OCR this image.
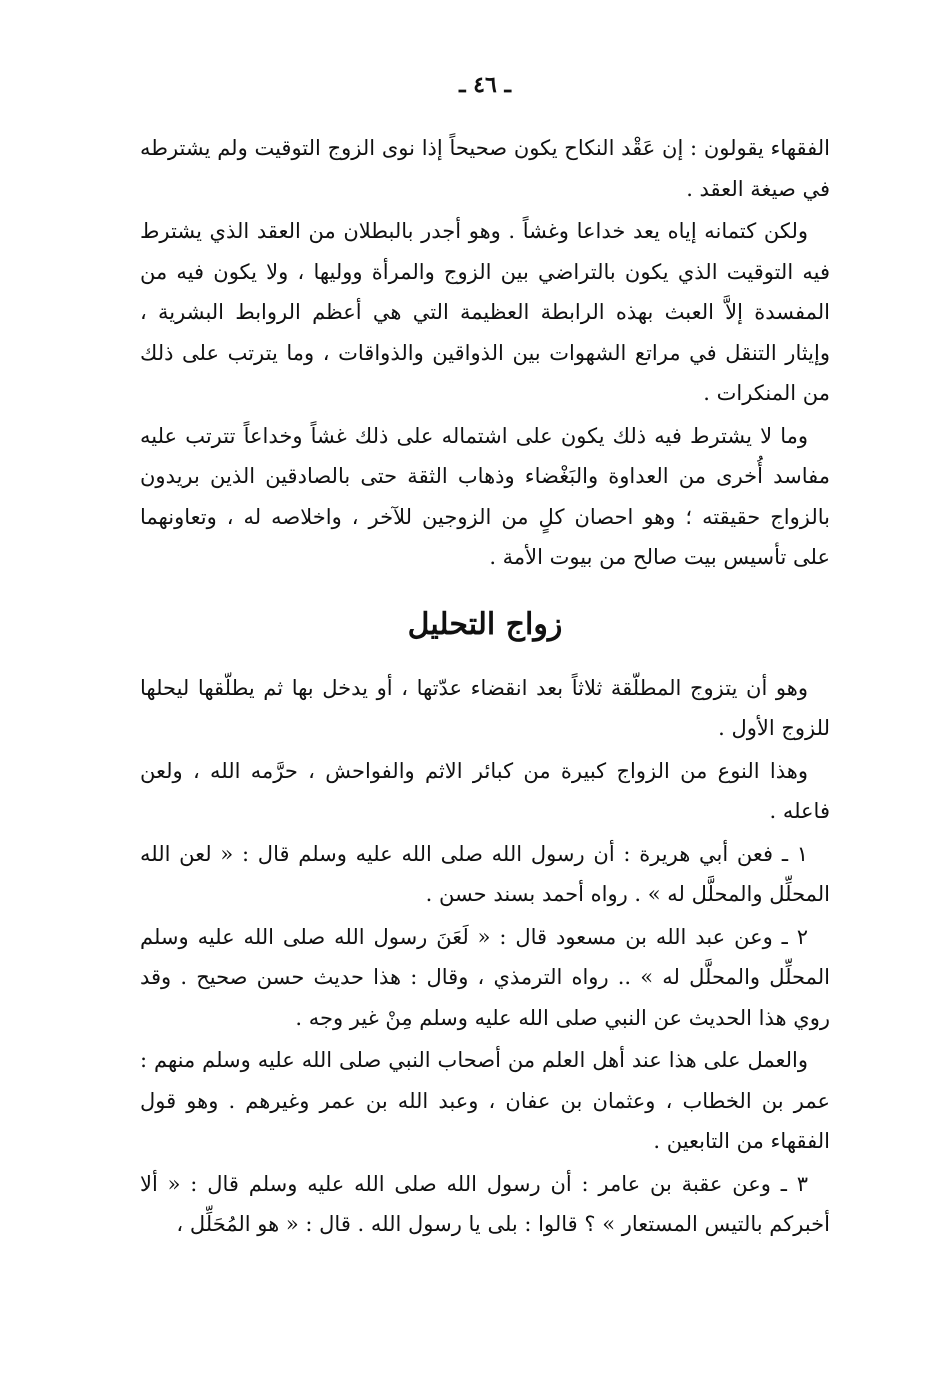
ـ ٤٦ ـ

الفقهاء يقولون : إن عَقْد النكاح يكون صحيحاً إذا نوى الزوج التوقيت ولم يشترطه في صيغة العقد .

ولكن كتمانه إياه يعد خداعا وغشاً . وهو أجدر بالبطلان من العقد الذي يشترط فيه التوقيت الذي يكون بالتراضي بين الزوج والمرأة ووليها ، ولا يكون فيه من المفسدة إلاَّ العبث بهذه الرابطة العظيمة التي هي أعظم الروابط البشرية ، وإيثار التنقل في مراتع الشهوات بين الذواقين والذواقات ، وما يترتب على ذلك من المنكرات .

وما لا يشترط فيه ذلك يكون على اشتماله على ذلك غشاً وخداعاً تترتب عليه مفاسد أُخرى من العداوة والبَغْضاء وذهاب الثقة حتى بالصادقين الذين بريدون بالزواج حقيقته ؛ وهو احصان كلٍ من الزوجين للآخر ، واخلاصه له ، وتعاونهما على تأسيس بيت صالح من بيوت الأمة .

زواج التحليل

وهو أن يتزوج المطلّقة ثلاثاً بعد انقضاء عدّتها ، أو يدخل بها ثم يطلّقها ليحلها للزوج الأول .

وهذا النوع من الزواج كبيرة من كبائر الاثم والفواحش ، حرَّمه الله ، ولعن فاعله .

١ ـ فعن أبي هريرة : أن رسول الله صلى الله عليه وسلم قال : « لعن الله المحلِّل والمحلَّل له » . رواه أحمد بسند حسن .

٢ ـ وعن عبد الله بن مسعود قال : « لَعَنَ رسول الله صلى الله عليه وسلم المحلِّل والمحلَّل له » .. رواه الترمذي ، وقال : هذا حديث حسن صحيح . وقد روي هذا الحديث عن النبي صلى الله عليه وسلم مِنْ غير وجه .

والعمل على هذا عند أهل العلم من أصحاب النبي صلى الله عليه وسلم منهم : عمر بن الخطاب ، وعثمان بن عفان ، وعبد الله بن عمر وغيرهم . وهو قول الفقهاء من التابعين .

٣ ـ وعن عقبة بن عامر : أن رسول الله صلى الله عليه وسلم قال : « ألا أخبركم بالتيس المستعار » ؟ قالوا : بلى يا رسول الله . قال : « هو المُحَلِّل ،
